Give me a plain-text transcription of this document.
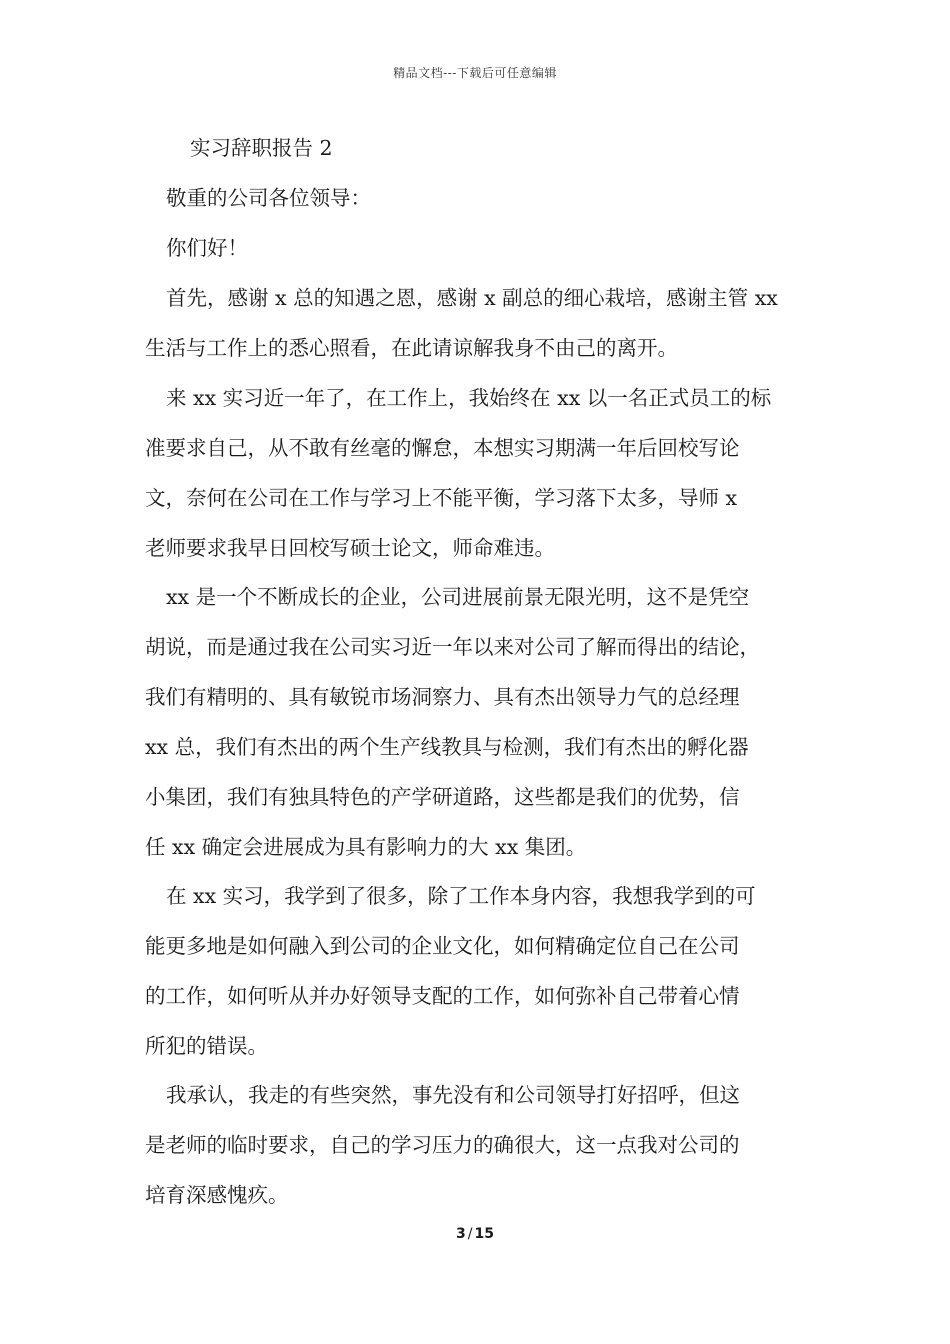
精品文档---下载后可任意编辑
实习辞职报告 2
敬重的公司各位领导：
你们好！
首先，感谢 x 总的知遇之恩，感谢 x 副总的细心栽培，感谢主管 xx
生活与工作上的悉心照看，在此请谅解我身不由己的离开。
来 xx 实习近一年了，在工作上，我始终在 xx 以一名正式员工的标
准要求自己，从不敢有丝毫的懈怠，本想实习期满一年后回校写论
文，奈何在公司在工作与学习上不能平衡，学习落下太多，导师 x
老师要求我早日回校写硕士论文，师命难违。
xx 是一个不断成长的企业，公司进展前景无限光明，这不是凭空
胡说，而是通过我在公司实习近一年以来对公司了解而得出的结论，
我们有精明的、具有敏锐市场洞察力、具有杰出领导力气的总经理
xx 总，我们有杰出的两个生产线教具与检测，我们有杰出的孵化器
小集团，我们有独具特色的产学研道路，这些都是我们的优势，信
任 xx 确定会进展成为具有影响力的大 xx 集团。
在 xx 实习，我学到了很多，除了工作本身内容，我想我学到的可
能更多地是如何融入到公司的企业文化，如何精确定位自己在公司
的工作，如何听从并办好领导支配的工作，如何弥补自己带着心情
所犯的错误。
我承认，我走的有些突然，事先没有和公司领导打好招呼，但这
是老师的临时要求，自己的学习压力的确很大，这一点我对公司的
培育深感愧疚。
3 / 15
